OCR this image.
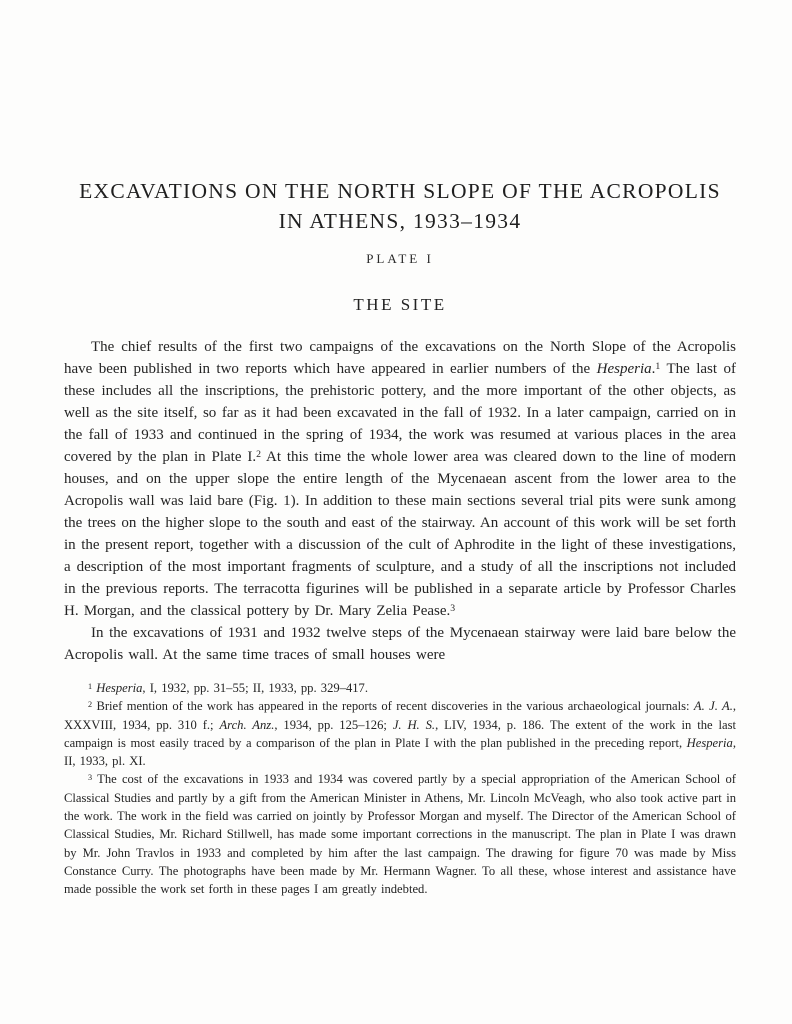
EXCAVATIONS ON THE NORTH SLOPE OF THE ACROPOLIS
IN ATHENS, 1933–1934
PLATE I
THE SITE

The chief results of the first two campaigns of the excavations on the North Slope of the Acropolis have been published in two reports which have appeared in earlier numbers of the Hesperia.$^1$ The last of these includes all the inscriptions, the prehistoric pottery, and the more important of the other objects, as well as the site itself, so far as it had been excavated in the fall of 1932. In a later campaign, carried on in the fall of 1933 and continued in the spring of 1934, the work was resumed at various places in the area covered by the plan in Plate I.$^2$ At this time the whole lower area was cleared down to the line of modern houses, and on the upper slope the entire length of the Mycenaean ascent from the lower area to the Acropolis wall was laid bare (Fig. 1). In addition to these main sections several trial pits were sunk among the trees on the higher slope to the south and east of the stairway. An account of this work will be set forth in the present report, together with a discussion of the cult of Aphrodite in the light of these investigations, a description of the most important fragments of sculpture, and a study of all the inscriptions not included in the previous reports. The terracotta figurines will be published in a separate article by Professor Charles H. Morgan, and the classical pottery by Dr. Mary Zelia Pease.$^3$

In the excavations of 1931 and 1932 twelve steps of the Mycenaean stairway were laid bare below the Acropolis wall. At the same time traces of small houses were

$^1$ Hesperia, I, 1932, pp. 31–55; II, 1933, pp. 329–417.

$^2$ Brief mention of the work has appeared in the reports of recent discoveries in the various archaeological journals: A. J. A., XXXVIII, 1934, pp. 310 f.; Arch. Anz., 1934, pp. 125–126; J. H. S., LIV, 1934, p. 186. The extent of the work in the last campaign is most easily traced by a comparison of the plan in Plate I with the plan published in the preceding report, Hesperia, II, 1933, pl. XI.

$^3$ The cost of the excavations in 1933 and 1934 was covered partly by a special appropriation of the American School of Classical Studies and partly by a gift from the American Minister in Athens, Mr. Lincoln McVeagh, who also took active part in the work. The work in the field was carried on jointly by Professor Morgan and myself. The Director of the American School of Classical Studies, Mr. Richard Stillwell, has made some important corrections in the manuscript. The plan in Plate I was drawn by Mr. John Travlos in 1933 and completed by him after the last campaign. The drawing for figure 70 was made by Miss Constance Curry. The photographs have been made by Mr. Hermann Wagner. To all these, whose interest and assistance have made possible the work set forth in these pages I am greatly indebted.
